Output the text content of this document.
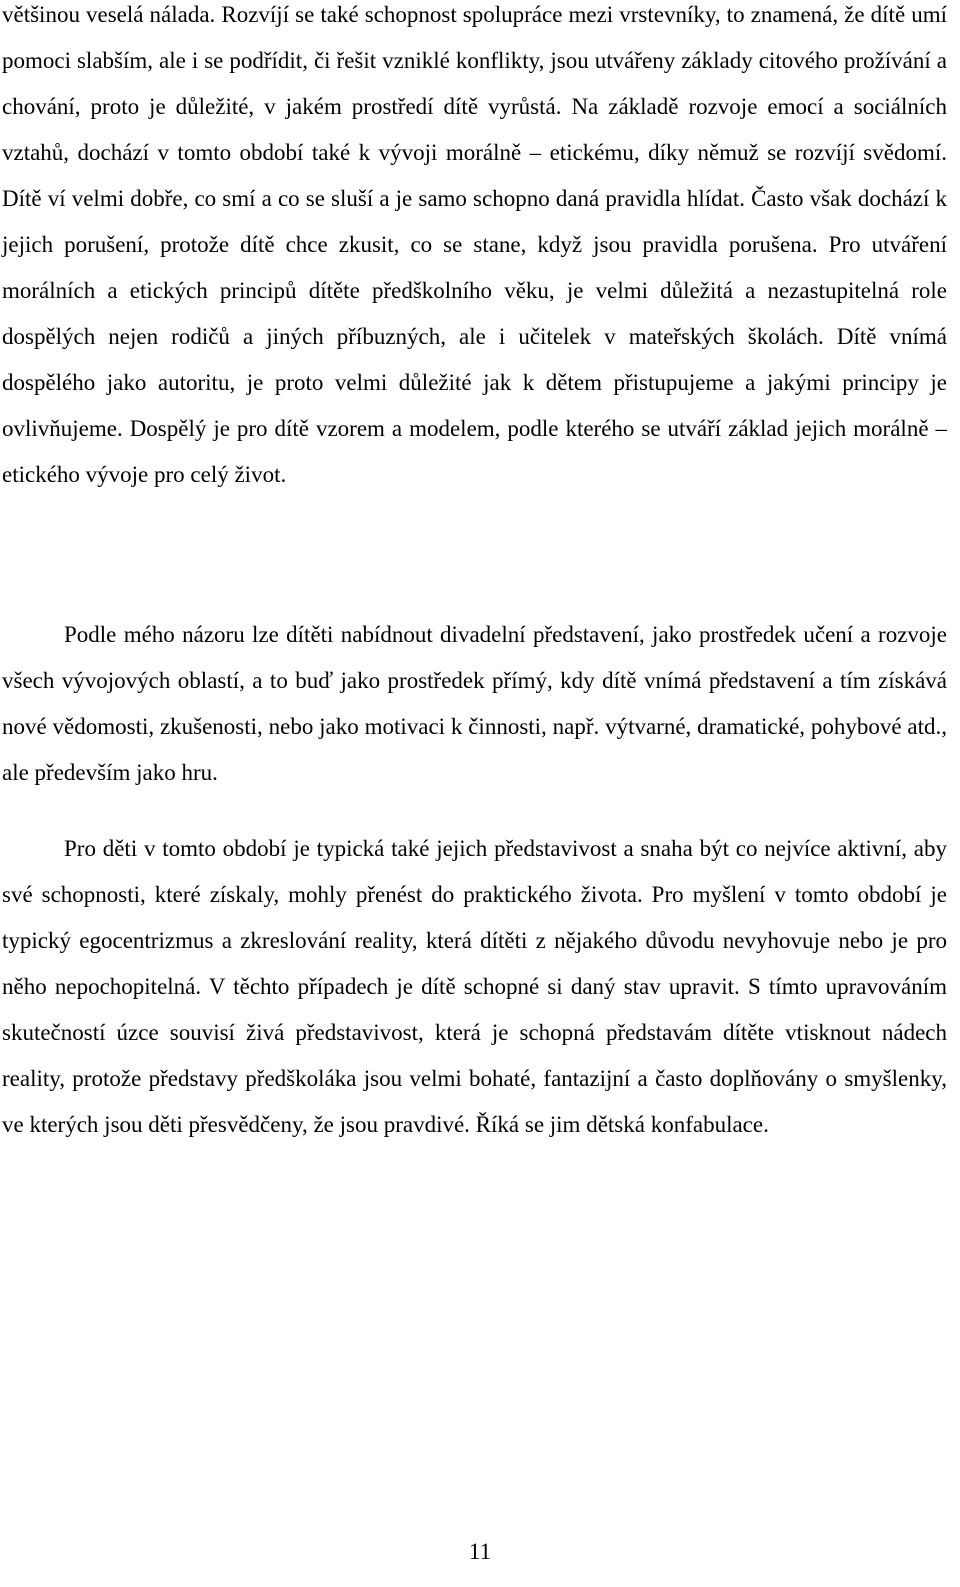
většinou veselá nálada. Rozvíjí se také schopnost spolupráce mezi vrstevníky, to znamená, že dítě umí pomoci slabším, ale i se podřídit, či řešit vzniklé konflikty, jsou utvářeny základy citového prožívání a chování, proto je důležité, v jakém prostředí dítě vyrůstá. Na základě rozvoje emocí a sociálních vztahů, dochází v tomto období také k vývoji morálně – etickému, díky němuž se rozvíjí svědomí. Dítě ví velmi dobře, co smí a co se sluší a je samo schopno daná pravidla hlídat. Často však dochází k jejich porušení, protože dítě chce zkusit, co se stane, když jsou pravidla porušena. Pro utváření morálních a etických principů dítěte předškolního věku, je velmi důležitá a nezastupitelná role dospělých nejen rodičů a jiných příbuzných, ale i učitelek v mateřských školách. Dítě vnímá dospělého jako autoritu, je proto velmi důležité jak k dětem přistupujeme a jakými principy je ovlivňujeme. Dospělý je pro dítě vzorem a modelem, podle kterého se utváří základ jejich morálně – etického vývoje pro celý život.

Podle mého názoru lze dítěti nabídnout divadelní představení, jako prostředek učení a rozvoje všech vývojových oblastí, a to buď jako prostředek přímý, kdy dítě vnímá představení a tím získává nové vědomosti, zkušenosti, nebo jako motivaci k činnosti, např. výtvarné, dramatické, pohybové atd., ale především jako hru.

Pro děti v tomto období je typická také jejich představivost a snaha být co nejvíce aktivní, aby své schopnosti, které získaly, mohly přenést do praktického života. Pro myšlení v tomto období je typický egocentrizmus a zkreslování reality, která dítěti z nějakého důvodu nevyhovuje nebo je pro něho nepochopitelná. V těchto případech je dítě schopné si daný stav upravit. S tímto upravováním skutečností úzce souvisí živá představivost, která je schopná představám dítěte vtisknout nádech reality, protože představy předškoláka jsou velmi bohaté, fantazijní a často doplňovány o smyšlenky, ve kterých jsou děti přesvědčeny, že jsou pravdivé. Říká se jim dětská konfabulace.

11
